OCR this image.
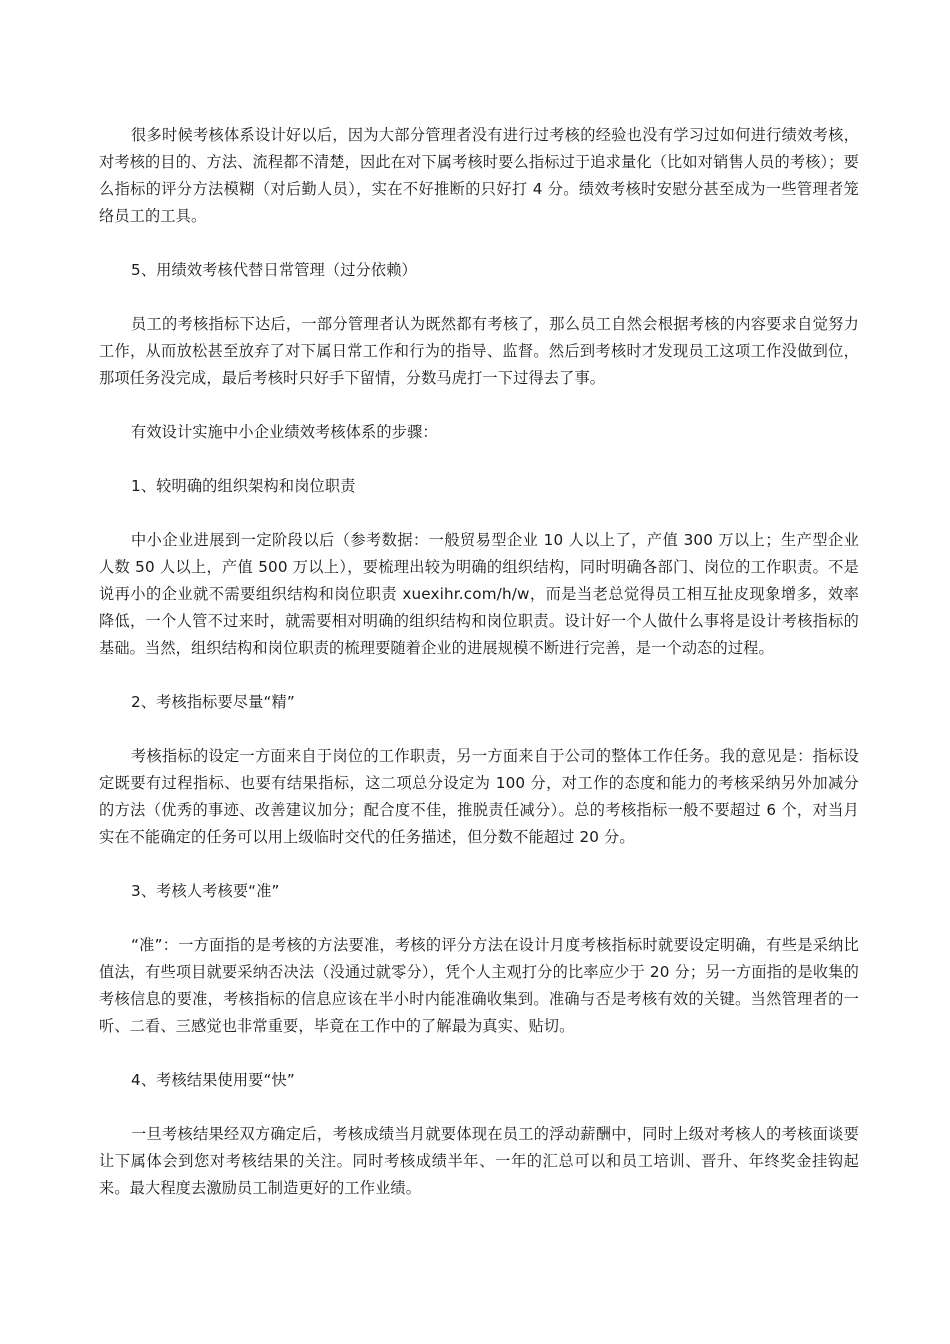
很多时候考核体系设计好以后，因为大部分管理者没有进行过考核的经验也没有学习过如何进行绩效考核，对考核的目的、方法、流程都不清楚，因此在对下属考核时要么指标过于追求量化（比如对销售人员的考核）；要么指标的评分方法模糊（对后勤人员），实在不好推断的只好打 4 分。绩效考核时安慰分甚至成为一些管理者笼络员工的工具。

5、用绩效考核代替日常管理（过分依赖）

员工的考核指标下达后，一部分管理者认为既然都有考核了，那么员工自然会根据考核的内容要求自觉努力工作，从而放松甚至放弃了对下属日常工作和行为的指导、监督。然后到考核时才发现员工这项工作没做到位，那项任务没完成，最后考核时只好手下留情，分数马虎打一下过得去了事。

有效设计实施中小企业绩效考核体系的步骤：

1、较明确的组织架构和岗位职责

中小企业进展到一定阶段以后（参考数据：一般贸易型企业 10 人以上了，产值 300 万以上；生产型企业人数 50 人以上，产值 500 万以上），要梳理出较为明确的组织结构，同时明确各部门、岗位的工作职责。不是说再小的企业就不需要组织结构和岗位职责 xuexihr.com/h/w，而是当老总觉得员工相互扯皮现象增多，效率降低，一个人管不过来时，就需要相对明确的组织结构和岗位职责。设计好一个人做什么事将是设计考核指标的基础。当然，组织结构和岗位职责的梳理要随着企业的进展规模不断进行完善，是一个动态的过程。

2、考核指标要尽量“精”

考核指标的设定一方面来自于岗位的工作职责，另一方面来自于公司的整体工作任务。我的意见是：指标设定既要有过程指标、也要有结果指标，这二项总分设定为 100 分，对工作的态度和能力的考核采纳另外加减分的方法（优秀的事迹、改善建议加分；配合度不佳，推脱责任减分）。总的考核指标一般不要超过 6 个，对当月实在不能确定的任务可以用上级临时交代的任务描述，但分数不能超过 20 分。

3、考核人考核要“准”

“准”：一方面指的是考核的方法要准，考核的评分方法在设计月度考核指标时就要设定明确，有些是采纳比值法，有些项目就要采纳否决法（没通过就零分），凭个人主观打分的比率应少于 20 分；另一方面指的是收集的考核信息的要准，考核指标的信息应该在半小时内能准确收集到。准确与否是考核有效的关键。当然管理者的一听、二看、三感觉也非常重要，毕竟在工作中的了解最为真实、贴切。

4、考核结果使用要“快”

一旦考核结果经双方确定后，考核成绩当月就要体现在员工的浮动薪酬中，同时上级对考核人的考核面谈要让下属体会到您对考核结果的关注。同时考核成绩半年、一年的汇总可以和员工培训、晋升、年终奖金挂钩起来。最大程度去激励员工制造更好的工作业绩。
